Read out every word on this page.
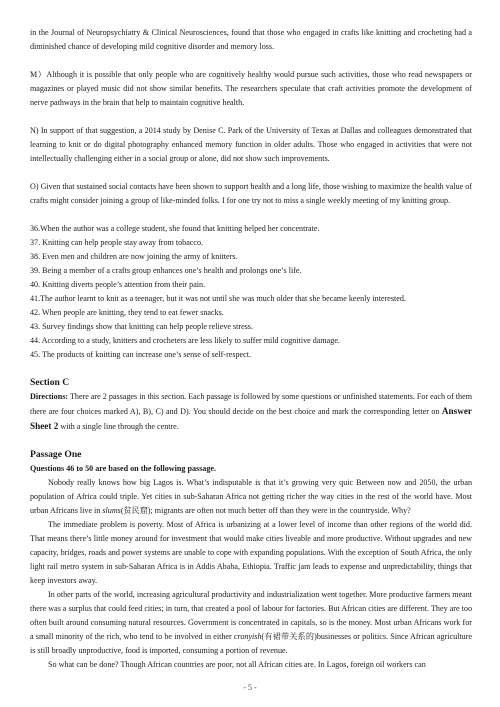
in the Journal of Neuropsychiatry & Clinical Neurosciences, found that those who engaged in crafts like knitting and crocheting had a diminished chance of developing mild cognitive disorder and memory loss.

M）Although it is possible that only people who are cognitively healthy would pursue such activities, those who read newspapers or magazines or played music did not show similar benefits. The researchers speculate that craft activities promote the development of nerve pathways in the brain that help to maintain cognitive health.

N) In support of that suggestion, a 2014 study by Denise C. Park of the University of Texas at Dallas and colleagues demonstrated that learning to knit or do digital photography enhanced memory function in older adults. Those who engaged in activities that were not intellectually challenging either in a social group or alone, did not show such improvements.

O) Given that sustained social contacts have been shown to support health and a long life, those wishing to maximize the health value of crafts might consider joining a group of like-minded folks. I for one try not to miss a single weekly meeting of my knitting group.

36.When the author was a college student, she found that knitting helped her concentrate.

37. Knitting can help people stay away from tobacco.

38. Even men and children are now joining the army of knitters.

39. Being a member of a crafts group enhances one’s health and prolongs one’s life.

40. Knitting diverts people’s attention from their pain.

41.The author learnt to knit as a teenager, but it was not until she was much older that she became keenly interested.

42. When people are knitting, they tend to eat fewer snacks.

43. Survey findings show that knitting can help people relieve stress.

44. According to a study, knitters and crocheters are less likely to suffer mild cognitive damage.

45. The products of knitting can increase one’s sense of self-respect.

Section C

Directions: There are 2 passages in this section. Each passage is followed by some questions or unfinished statements. For each of them there are four choices marked A), B), C) and D). You should decide on the best choice and mark the corresponding letter on Answer Sheet 2 with a single line through the centre.

Passage One

Questions 46 to 50 are based on the following passage.

Nobody really knows how big Lagos is. What’s indisputable is that it’s growing very quic Between now and 2050, the urban population of Africa could triple. Yet cities in sub-Saharan Africa not getting richer the way cities in the rest of the world have. Most urban Africans live in slums(贫民窟); migrants are often not much better off than they were in the countryside. Why?

The immediate problem is poverty. Most of Africa is urbanizing at a lower level of income than other regions of the world did. That means there’s little money around for investment that would make cities liveable and more productive. Without upgrades and new capacity, bridges, roads and power systems are unable to cope with expanding populations. With the exception of South Africa, the only light rail metro system in sub-Saharan Africa is in Addis Ababa, Ethiopia. Traffic jam leads to expense and unpredictability, things that keep investors away.

In other parts of the world, increasing agricultural productivity and industrialization went together. More productive farmers meant there was a surplus that could feed cities; in turn, that created a pool of labour for factories. But African cities are different. They are too often built around consuming natural resources. Government is concentrated in capitals, so is the money. Most urban Africans work for a small minority of the rich, who tend to be involved in either cronyish(有裙带关系的)businesses or politics. Since African agriculture is still broadly unproductive, food is imported, consuming a portion of revenue.

So what can be done? Though African countries are poor, not all African cities are. In Lagos, foreign oil workers can

- 5 -
